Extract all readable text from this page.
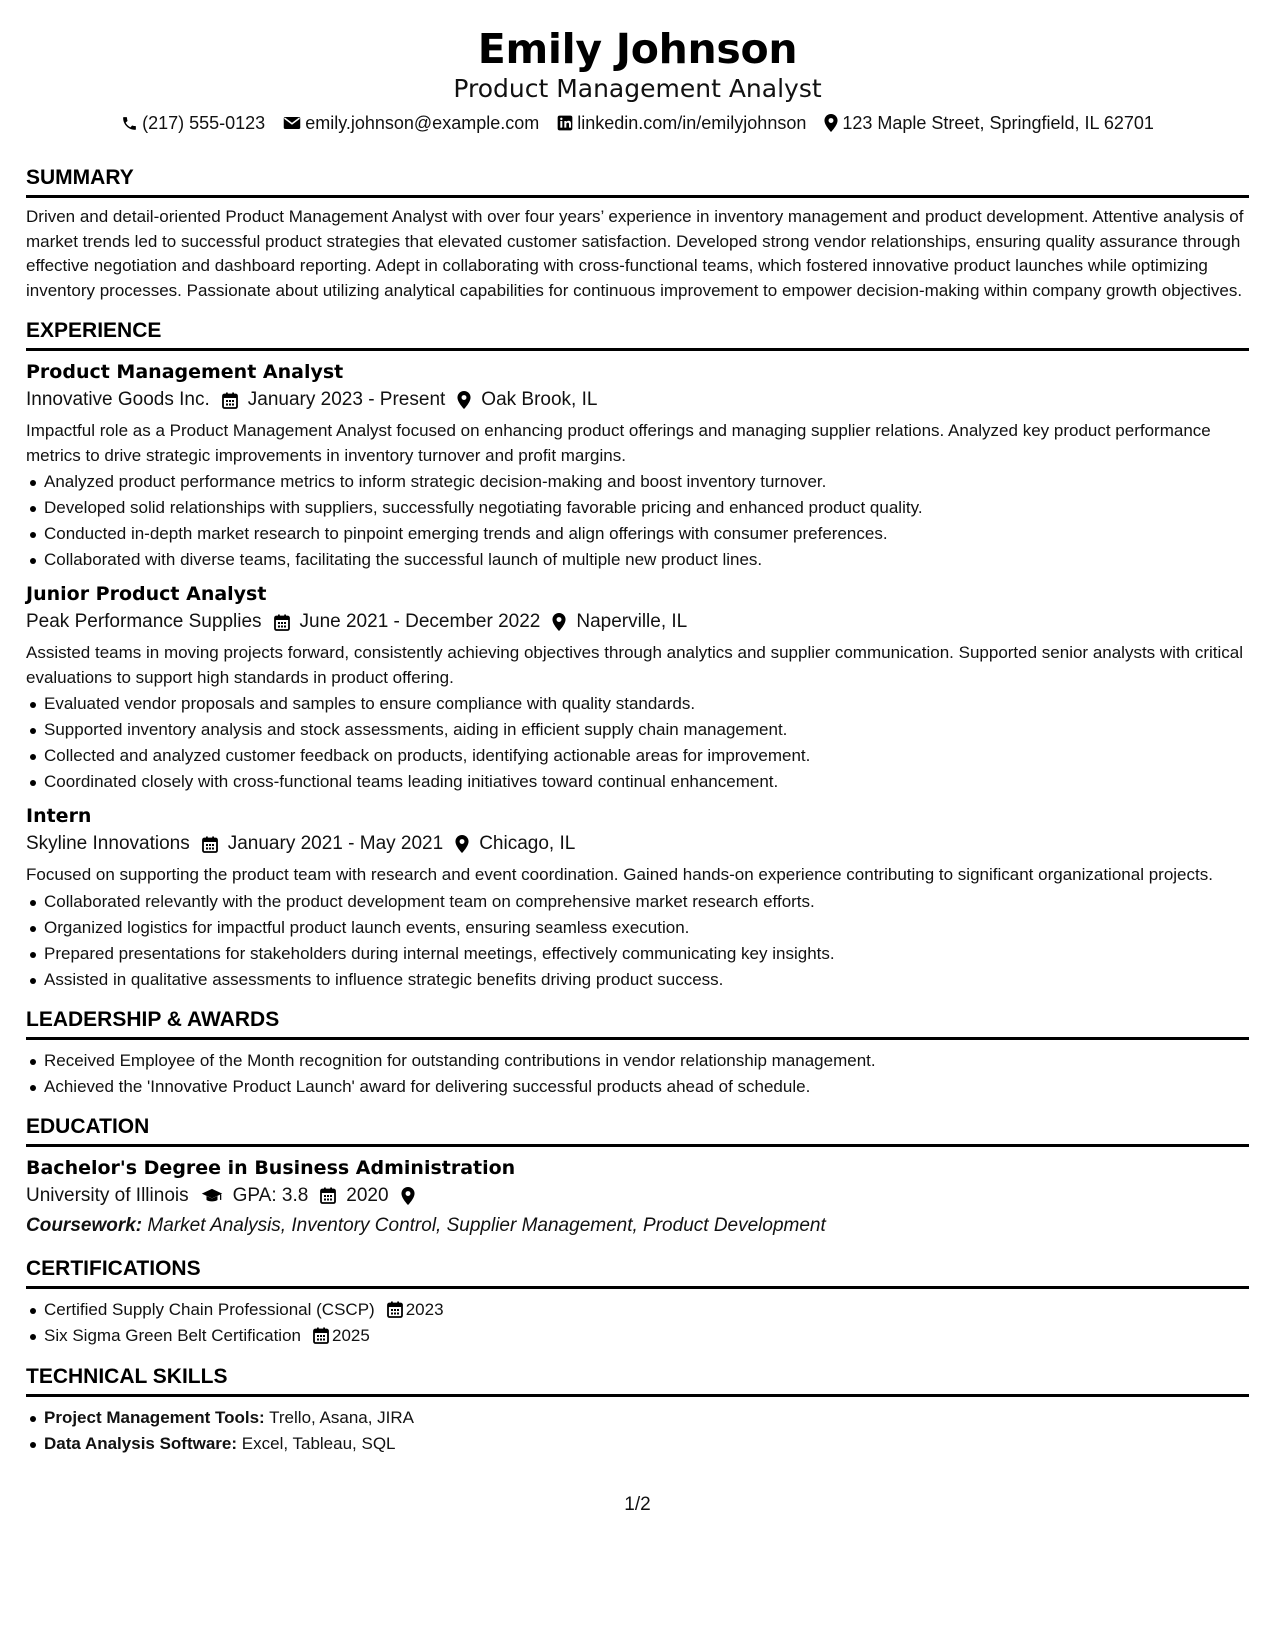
Emily Johnson
Product Management Analyst
(217) 555-0123 emily.johnson@example.com linkedin.com/in/emilyjohnson 123 Maple Street, Springfield, IL 62701
SUMMARY
Driven and detail-oriented Product Management Analyst with over four years’ experience in inventory management and product development. Attentive analysis of market trends led to successful product strategies that elevated customer satisfaction. Developed strong vendor relationships, ensuring quality assurance through effective negotiation and dashboard reporting. Adept in collaborating with cross-functional teams, which fostered innovative product launches while optimizing inventory processes. Passionate about utilizing analytical capabilities for continuous improvement to empower decision-making within company growth objectives.
EXPERIENCE
Product Management Analyst
Innovative Goods Inc. January 2023 - Present Oak Brook, IL
Impactful role as a Product Management Analyst focused on enhancing product offerings and managing supplier relations. Analyzed key product performance metrics to drive strategic improvements in inventory turnover and profit margins.
Analyzed product performance metrics to inform strategic decision-making and boost inventory turnover.
Developed solid relationships with suppliers, successfully negotiating favorable pricing and enhanced product quality.
Conducted in-depth market research to pinpoint emerging trends and align offerings with consumer preferences.
Collaborated with diverse teams, facilitating the successful launch of multiple new product lines.
Junior Product Analyst
Peak Performance Supplies June 2021 - December 2022 Naperville, IL
Assisted teams in moving projects forward, consistently achieving objectives through analytics and supplier communication. Supported senior analysts with critical evaluations to support high standards in product offering.
Evaluated vendor proposals and samples to ensure compliance with quality standards.
Supported inventory analysis and stock assessments, aiding in efficient supply chain management.
Collected and analyzed customer feedback on products, identifying actionable areas for improvement.
Coordinated closely with cross-functional teams leading initiatives toward continual enhancement.
Intern
Skyline Innovations January 2021 - May 2021 Chicago, IL
Focused on supporting the product team with research and event coordination. Gained hands-on experience contributing to significant organizational projects.
Collaborated relevantly with the product development team on comprehensive market research efforts.
Organized logistics for impactful product launch events, ensuring seamless execution.
Prepared presentations for stakeholders during internal meetings, effectively communicating key insights.
Assisted in qualitative assessments to influence strategic benefits driving product success.
LEADERSHIP & AWARDS
Received Employee of the Month recognition for outstanding contributions in vendor relationship management.
Achieved the 'Innovative Product Launch' award for delivering successful products ahead of schedule.
EDUCATION
Bachelor's Degree in Business Administration
University of Illinois GPA: 3.8 2020
Coursework: Market Analysis, Inventory Control, Supplier Management, Product Development
CERTIFICATIONS
Certified Supply Chain Professional (CSCP) 2023
Six Sigma Green Belt Certification 2025
TECHNICAL SKILLS
Project Management Tools: Trello, Asana, JIRA
Data Analysis Software: Excel, Tableau, SQL
1/2
